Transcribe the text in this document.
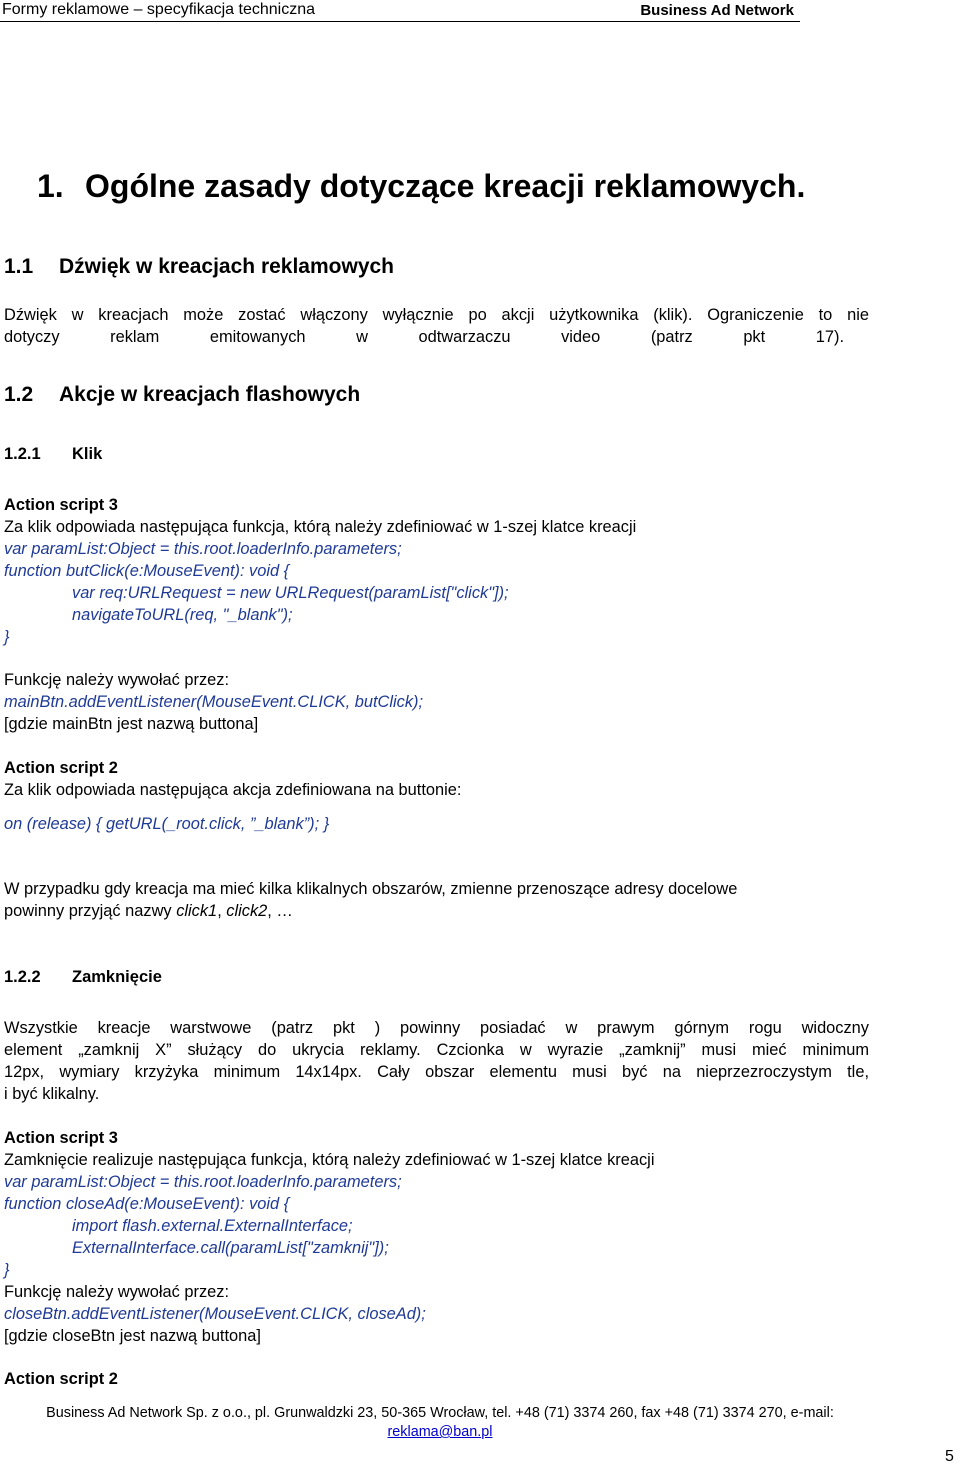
Formy reklamowe – specyfikacja techniczna	Business Ad Network
1. Ogólne zasady dotyczące kreacji reklamowych.
1.1 Dźwięk w kreacjach reklamowych
Dźwięk w kreacjach może zostać włączony wyłącznie po akcji użytkownika (klik). Ograniczenie to nie
dotyczy reklam emitowanych w odtwarzaczu video (patrz pkt 17).
1.2 Akcje w kreacjach flashowych
1.2.1 Klik
Action script 3
Za klik odpowiada następująca funkcja, którą należy zdefiniować w 1-szej klatce kreacji
var paramList:Object = this.root.loaderInfo.parameters;
function butClick(e:MouseEvent): void {
var req:URLRequest = new URLRequest(paramList["click"]);
navigateToURL(req, "_blank");
}
Funkcję należy wywołać przez:
mainBtn.addEventListener(MouseEvent.CLICK, butClick);
[gdzie mainBtn jest nazwą buttona]
Action script 2
Za klik odpowiada następująca akcja zdefiniowana na buttonie:
on (release) { getURL(_root.click, ”_blank”); }
W przypadku gdy kreacja ma mieć kilka klikalnych obszarów, zmienne przenoszące adresy docelowe
powinny przyjąć nazwy click1, click2, …
1.2.2 Zamknięcie
Wszystkie kreacje warstwowe (patrz pkt ) powinny posiadać w prawym górnym rogu widoczny
element „zamknij X” służący do ukrycia reklamy. Czcionka w wyrazie „zamknij” musi mieć minimum
12px, wymiary krzyżyka minimum 14x14px. Cały obszar elementu musi być na nieprzezroczystym tle,
i być klikalny.
Action script 3
Zamknięcie realizuje następująca funkcja, którą należy zdefiniować w 1-szej klatce kreacji
var paramList:Object = this.root.loaderInfo.parameters;
function closeAd(e:MouseEvent): void {
import flash.external.ExternalInterface;
ExternalInterface.call(paramList["zamknij"]);
}
Funkcję należy wywołać przez:
closeBtn.addEventListener(MouseEvent.CLICK, closeAd);
[gdzie closeBtn jest nazwą buttona]
Action script 2
Business Ad Network Sp. z o.o., pl. Grunwaldzki 23, 50-365 Wrocław, tel. +48 (71) 3374 260, fax +48 (71) 3374 270, e-mail:
reklama@ban.pl
5
